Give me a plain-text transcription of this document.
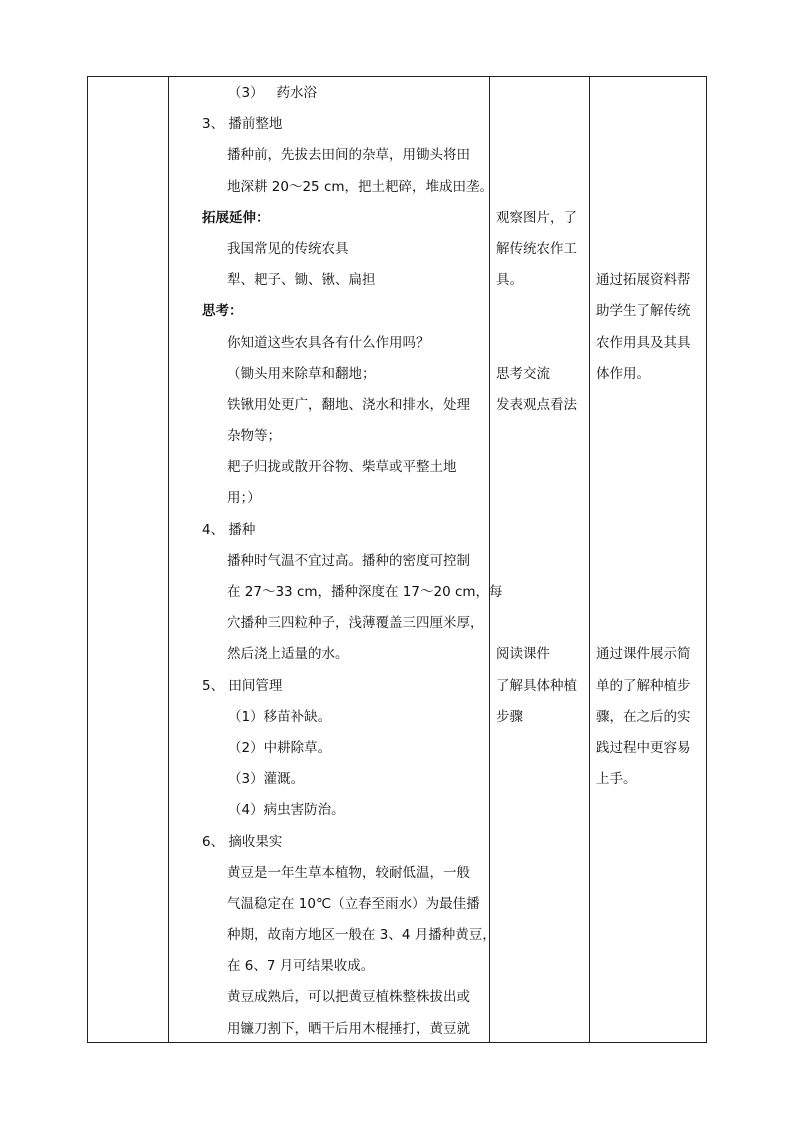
（3）   药水浴
3、 播前整地
播种前，先拔去田间的杂草，用锄头将田
地深耕 20～25 cm，把土耙碎，堆成田垄。
拓展延伸：
我国常见的传统农具
犁、耙子、锄、锹、扁担
思考：
你知道这些农具各有什么作用吗？
（锄头用来除草和翻地；
铁锹用处更广，翻地、浇水和排水，处理
杂物等；
耙子归拢或散开谷物、柴草或平整土地
用；）
4、 播种
播种时气温不宜过高。播种的密度可控制
在 27～33 cm，播种深度在 17～20 cm，每
穴播种三四粒种子，浅薄覆盖三四厘米厚，
然后浇上适量的水。
5、 田间管理
（1）移苗补缺。
（2）中耕除草。
（3）灌溉。
（4）病虫害防治。
6、 摘收果实
黄豆是一年生草本植物，较耐低温，一般
气温稳定在 10℃（立春至雨水）为最佳播
种期，故南方地区一般在 3、4 月播种黄豆，
在 6、7 月可结果收成。
黄豆成熟后，可以把黄豆植株整株拔出或
用镰刀割下，晒干后用木棍捶打，黄豆就
观察图片，了
解传统农作工
具。
思考交流
发表观点看法
阅读课件
了解具体种植
步骤
通过拓展资料帮
助学生了解传统
农作用具及其具
体作用。
通过课件展示简
单的了解种植步
骤，在之后的实
践过程中更容易
上手。
